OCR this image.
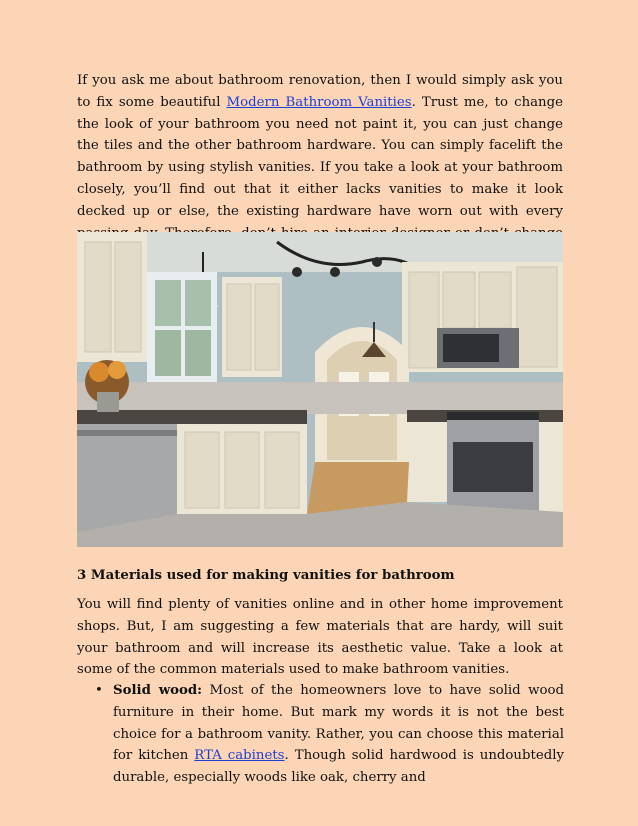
If you ask me about bathroom renovation, then I would simply ask you to fix some beautiful Modern Bathroom Vanities. Trust me, to change the look of your bathroom you need not paint it, you can just change the tiles and the other bathroom hardware. You can simply facelift the bathroom by using stylish vanities. If you take a look at your bathroom closely, you’ll find out that it either lacks vanities to make it look decked up or else, the existing hardware have worn out with every

3 Materials used for making vanities for bathroom

You will find plenty of vanities online and in other home improvement shops. But, I am suggesting a few materials that are hardy, will suit your bathroom and will increase its aesthetic value. Take a look at some of the common materials used to make bathroom vanities.

• Solid wood: Most of the homeowners love to have solid wood furniture in their home. But mark my words it is not the best choice for a bathroom vanity. Rather, you can choose this material for kitchen RTA cabinets. Though solid hardwood is undoubtedly durable, especially woods like oak, cherry and
